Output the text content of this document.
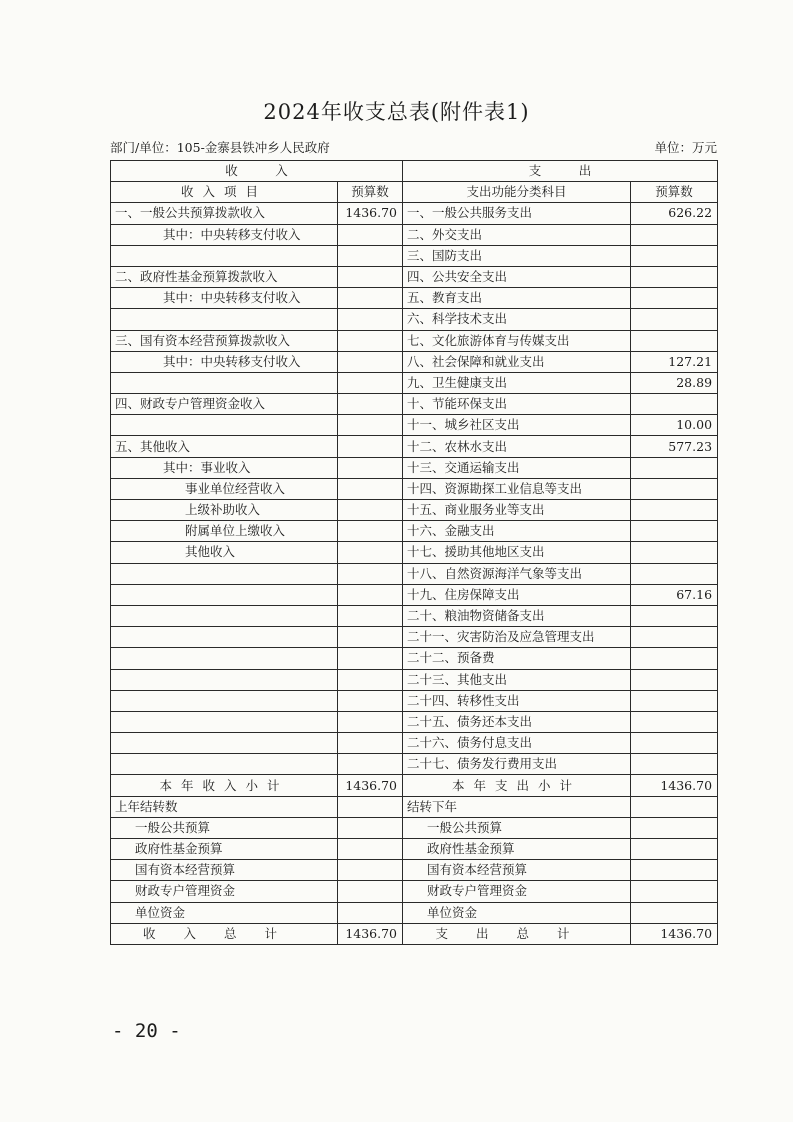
2024年收支总表(附件表1)
部门/单位：105-金寨县铁冲乡人民政府	单位：万元
收　　　入		支　　　出	
收入项目	预算数	支出功能分类科目	预算数
一、一般公共预算拨款收入	1436.70	一、一般公共服务支出	626.22
其中：中央转移支付收入		二、外交支出	
		三、国防支出	
二、政府性基金预算拨款收入		四、公共安全支出	
其中：中央转移支付收入		五、教育支出	
		六、科学技术支出	
三、国有资本经营预算拨款收入		七、文化旅游体育与传媒支出	
其中：中央转移支付收入		八、社会保障和就业支出	127.21
		九、卫生健康支出	28.89
四、财政专户管理资金收入		十、节能环保支出	
		十一、城乡社区支出	10.00
五、其他收入		十二、农林水支出	577.23
其中：事业收入		十三、交通运输支出	
事业单位经营收入		十四、资源勘探工业信息等支出	
上级补助收入		十五、商业服务业等支出	
附属单位上缴收入		十六、金融支出	
其他收入		十七、援助其他地区支出	
		十八、自然资源海洋气象等支出	
		十九、住房保障支出	67.16
		二十、粮油物资储备支出	
		二十一、灾害防治及应急管理支出	
		二十二、预备费	
		二十三、其他支出	
		二十四、转移性支出	
		二十五、债务还本支出	
		二十六、债务付息支出	
		二十七、债务发行费用支出	
本年收入小计	1436.70	本年支出小计	1436.70
上年结转数		结转下年	
一般公共预算		一般公共预算	
政府性基金预算		政府性基金预算	
国有资本经营预算		国有资本经营预算	
财政专户管理资金		财政专户管理资金	
单位资金		单位资金	
收入总计	1436.70	支出总计	1436.70
- 20 -
